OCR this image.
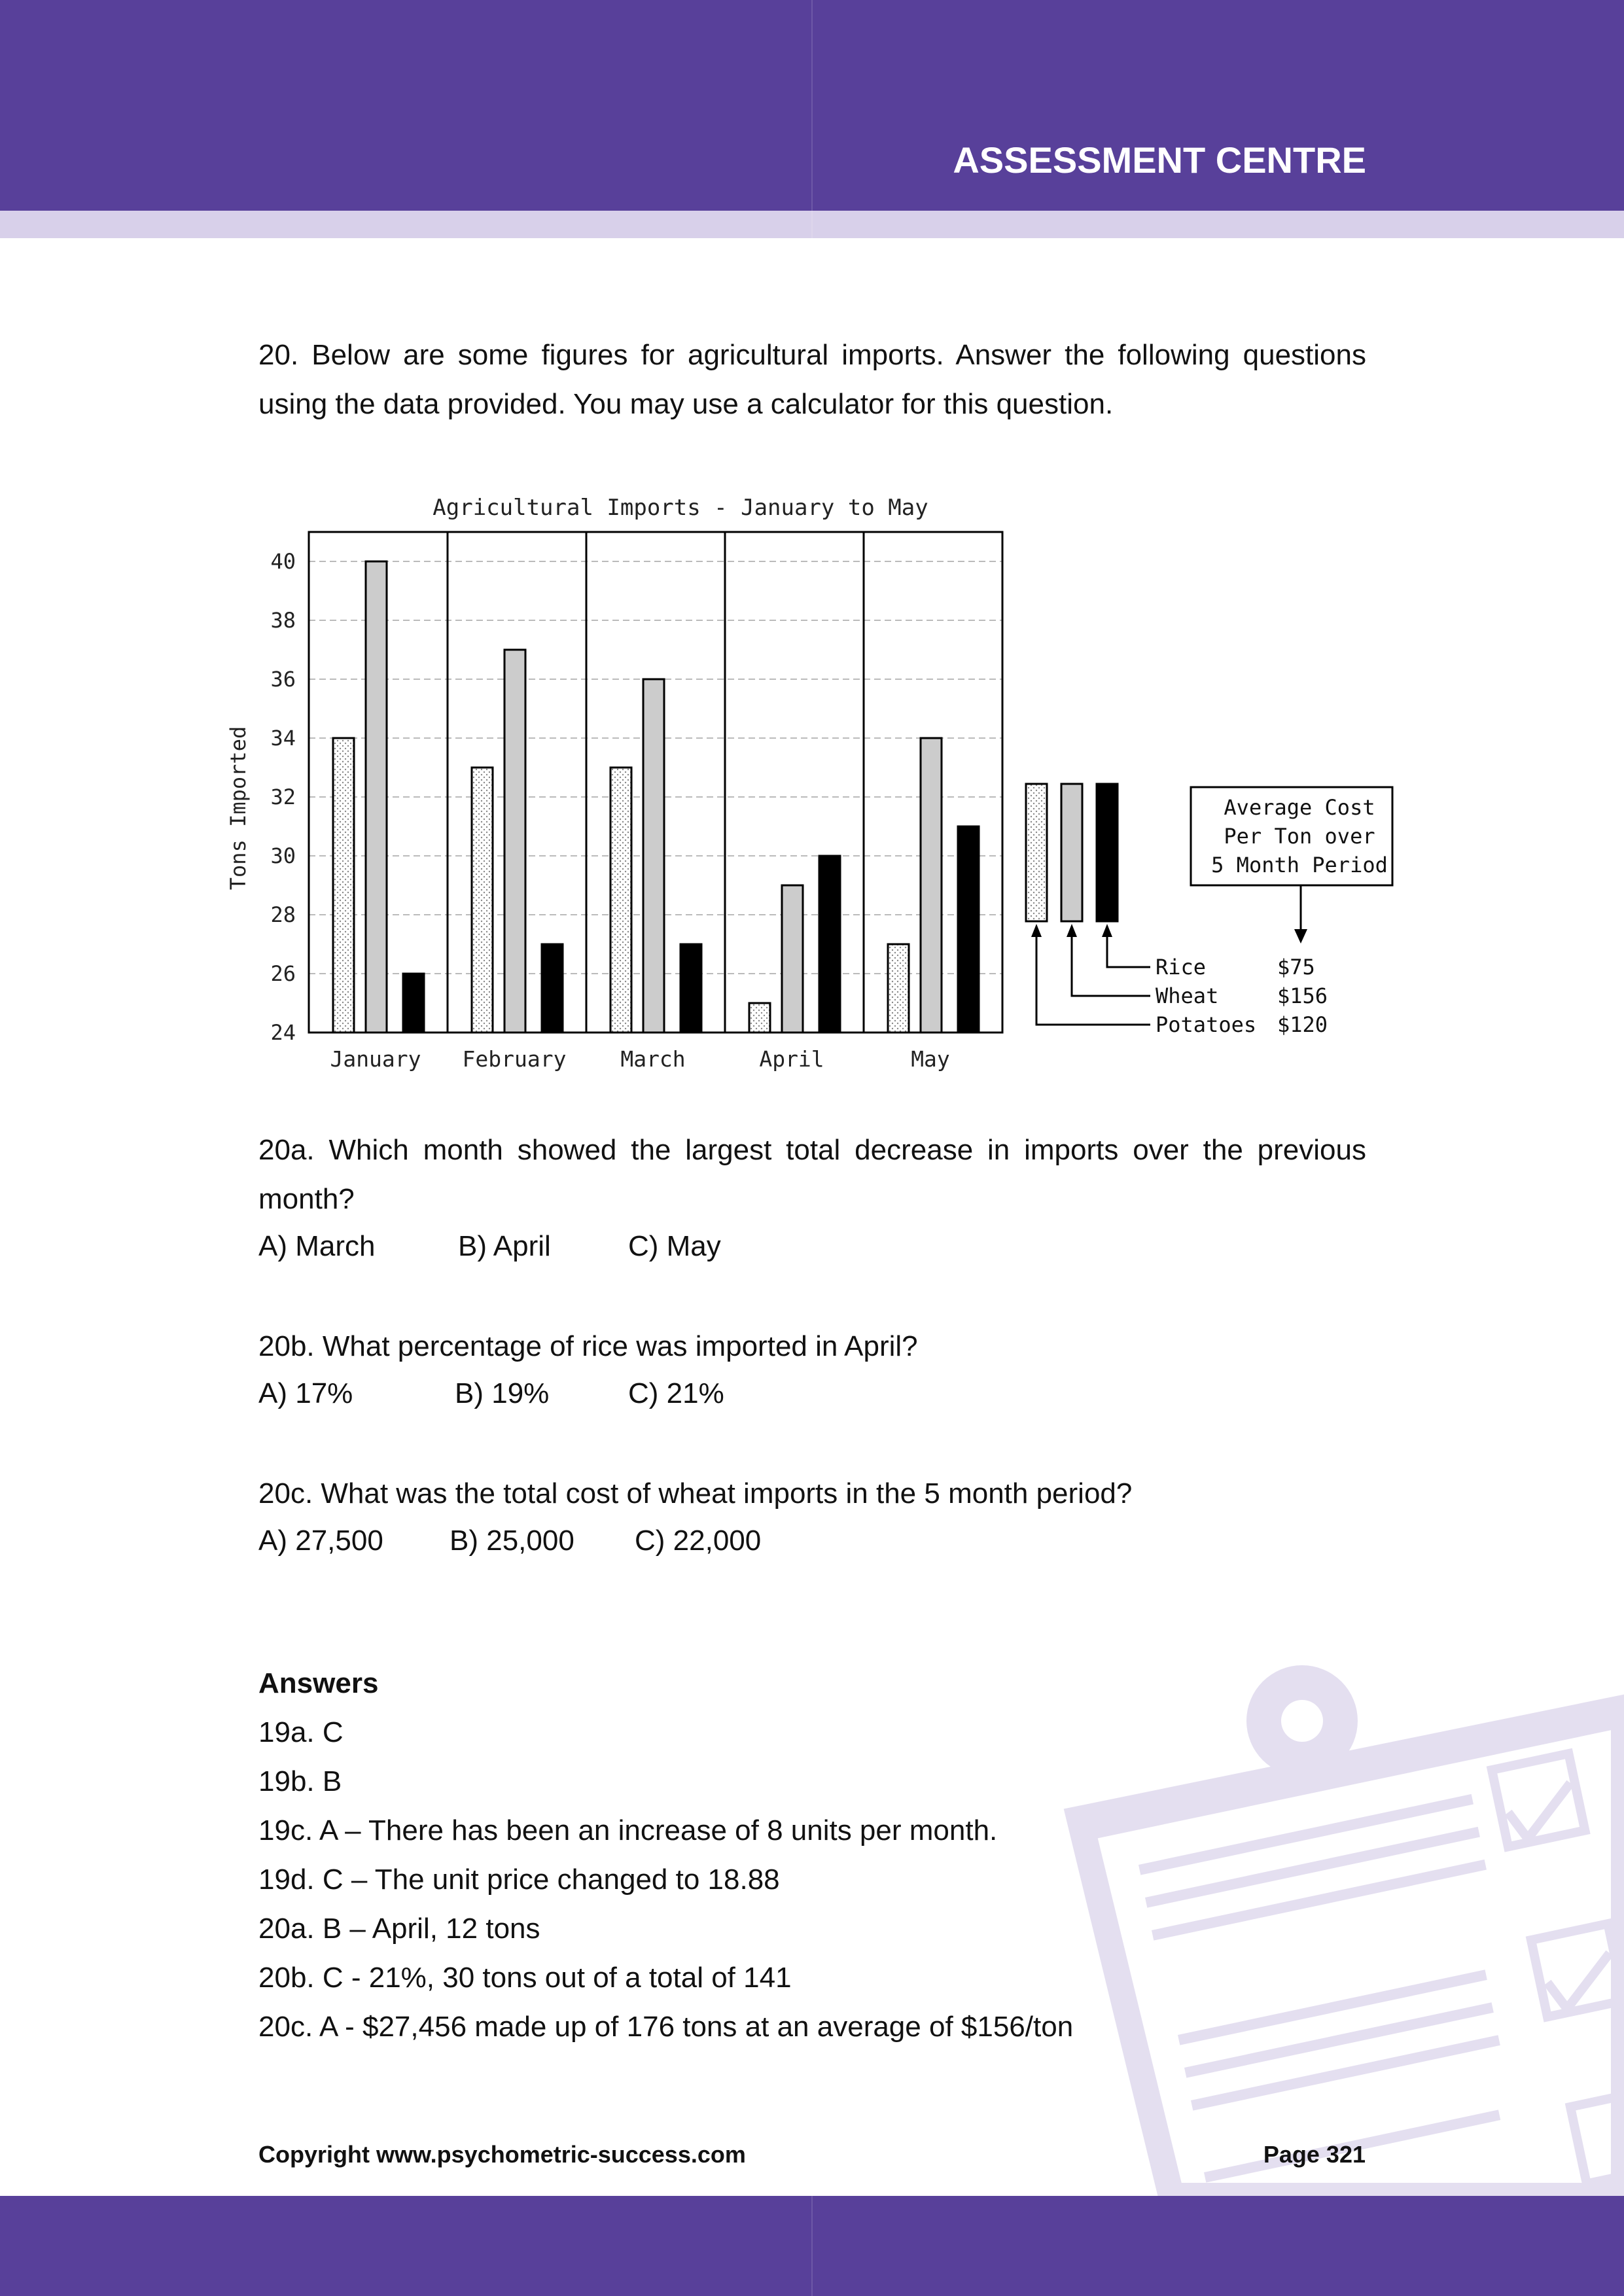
ASSESSMENT CENTRE
20. Below are some figures for agricultural imports. Answer the following questions using the data provided. You may use a calculator for this question.
24
26
28
30
32
34
36
38
40
January February	March	April	May
Agricultural Imports - January to May
Tons Imported
Rice
Wheat
Potatoes
$75
$156
$120
Average Cost
Per Ton over
5 Month Period
20a. Which month showed the largest total decrease in imports over the previous month?
A) March	B) April	C) May
20b. What percentage of rice was imported in April?
A) 17%	B) 19%	C) 21%
20c. What was the total cost of wheat imports in the 5 month period?
A) 27,500 B) 25,000 C) 22,000
Answers
19a. C
19b. B
19c. A – There has been an increase of 8 units per month.
19d. C – The unit price changed to 18.88
20a. B – April, 12 tons
20b. C - 21%, 30 tons out of a total of 141
20c. A - $27,456 made up of 176 tons at an average of $156/ton
Copyright www.psychometric-success.com	Page 321
